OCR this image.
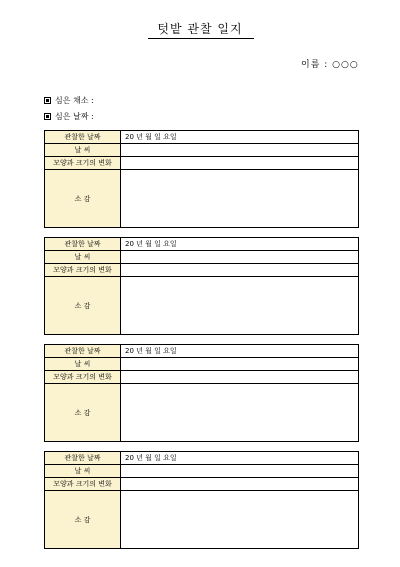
텃밭 관찰 일지
이름 : ○○○
심은 채소 :
심은 날짜 :
관찰한 날짜	20 년 월 일 요일
날 씨	
모양과 크기의 변화	
소 감	
관찰한 날짜	20 년 월 일 요일
날 씨	
모양과 크기의 변화	
소 감	
관찰한 날짜	20 년 월 일 요일
날 씨	
모양과 크기의 변화	
소 감	
관찰한 날짜	20 년 월 일 요일
날 씨	
모양과 크기의 변화	
소 감	
